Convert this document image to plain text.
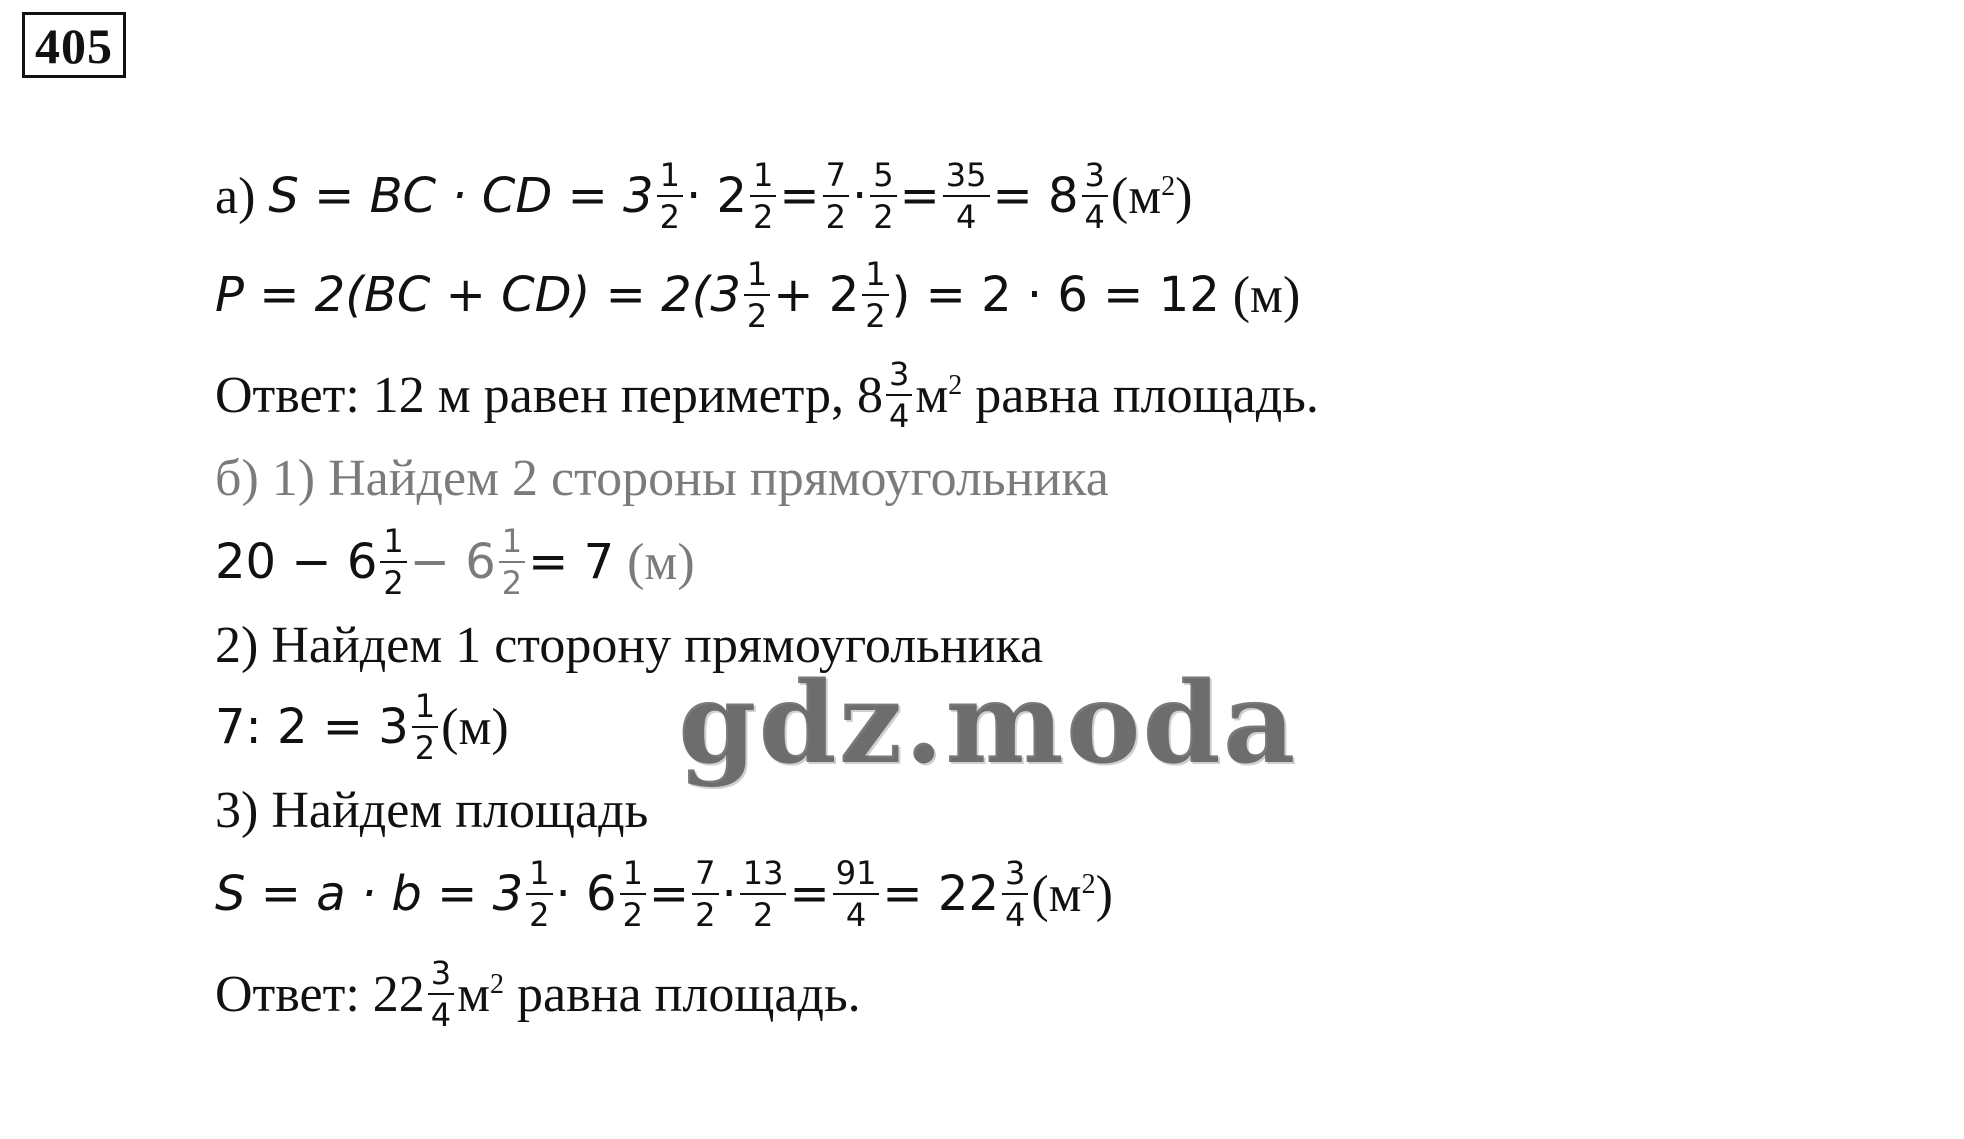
405
а)
S = BC · CD = $3 \frac{1}{2} \cdot 2 \frac{1}{2} = \frac{7}{2} \cdot \frac{5}{2} = \frac{35}{4} = 8 \frac{3}{4} (м^2)$
$P = 2(BC + CD) = 2(3 \frac{1}{2} + 2 \frac{1}{2}$ ) = 2 · 6 = 12
(м)
Ответ: 12 м равен периметр, $8 \frac{3}{4} м^2$
равна площадь.
б) 1) Найдем 2 стороны прямоугольника
$20 - 6 \frac{1}{2} - 6 \frac{1}{2} = 7$
(м)
2) Найдем 1 сторону прямоугольника
7: $2 = 3 \frac{1}{2} (м)$
3) Найдем площадь
$S = a \cdot b = 3 \frac{1}{2} \cdot 6 \frac{1}{2} = \frac{7}{2} \cdot \frac{13}{2} = \frac{91}{4} = 22 \frac{3}{4} (м^2)$
Ответ: $22 \frac{3}{4} м^2$
равна площадь.
gdz.moda
